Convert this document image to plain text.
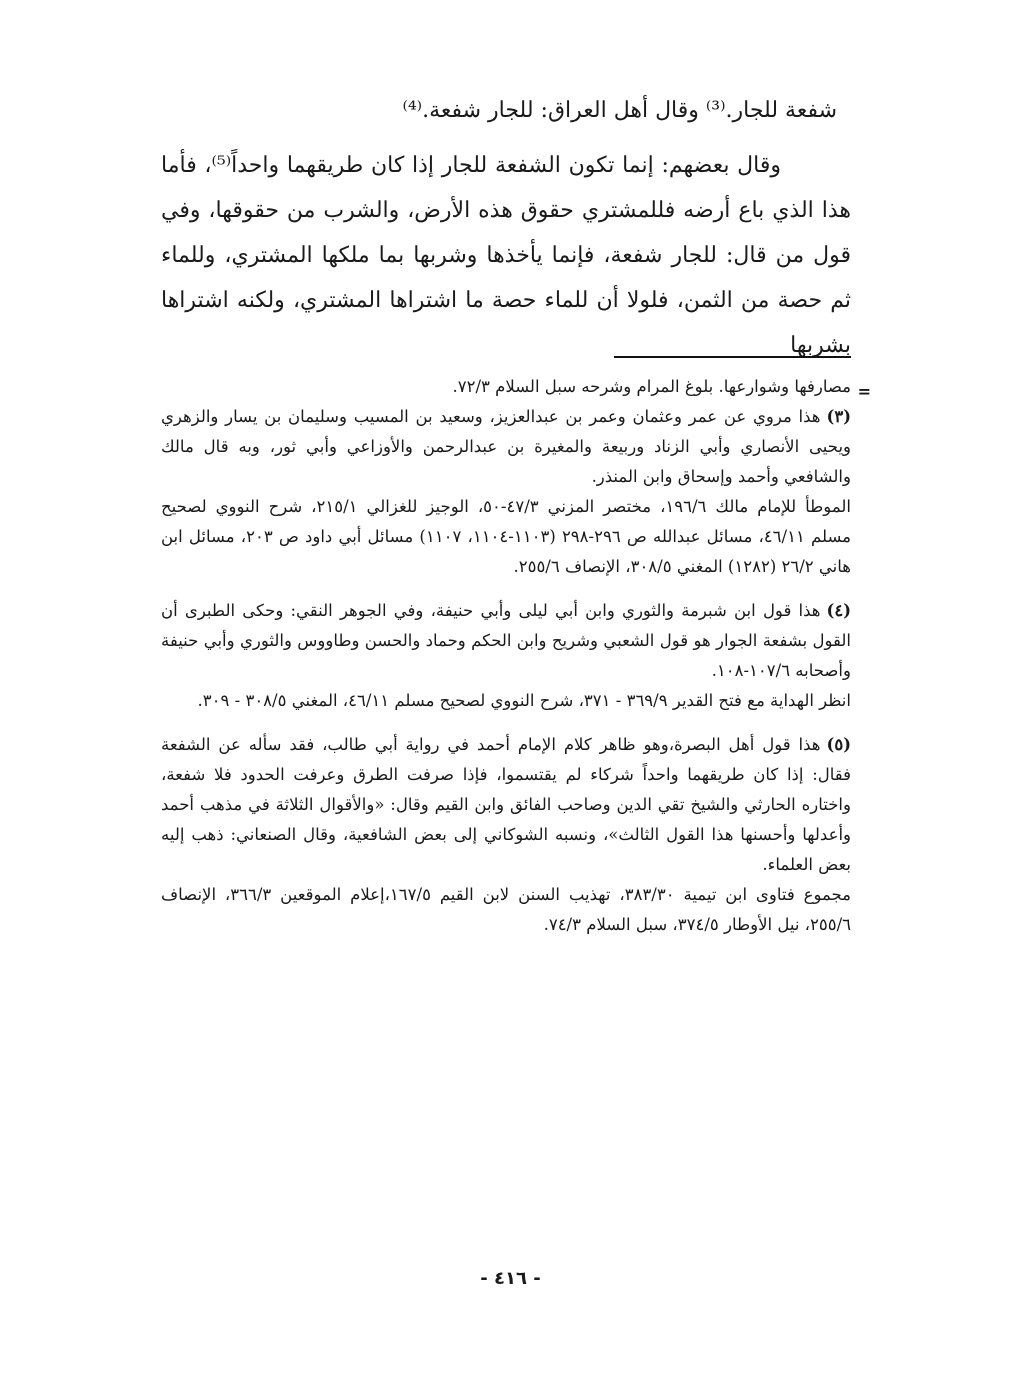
شفعة للجار.⁽³⁾ وقال أهل العراق: للجار شفعة.⁽⁴⁾

وقال بعضهم: إنما تكون الشفعة للجار إذا كان طريقهما واحداً⁽⁵⁾، فأما هذا الذي باع أرضه فللمشتري حقوق هذه الأرض، والشرب من حقوقها، وفي قول من قال: للجار شفعة، فإنما يأخذها وشربها بما ملكها المشتري، وللماء ثم حصة من الثمن، فلولا أن للماء حصة ما اشتراها المشتري، ولكنه اشتراها بشربها

=

مصارفها وشوارعها. بلوغ المرام وشرحه سبل السلام ٧٢/٣.

(٣)هذا مروي عن عمر وعثمان وعمر بن عبدالعزيز، وسعيد بن المسيب وسليمان بن يسار والزهري ويحيى الأنصاري وأبي الزناد وربيعة والمغيرة بن عبدالرحمن والأوزاعي وأبي ثور، وبه قال مالك والشافعي وأحمد وإسحاق وابن المنذر.

الموطأ للإمام مالك ١٩٦/٦، مختصر المزني ٤٧/٣-٥٠، الوجيز للغزالي ٢١٥/١، شرح النووي لصحيح مسلم ٤٦/١١، مسائل عبدالله ص ٢٩٦-٢٩٨ (١١٠٣-١١٠٤، ١١٠٧) مسائل أبي داود ص ٢٠٣، مسائل ابن هاني ٢٦/٢ (١٢٨٢) المغني ٣٠٨/٥، الإنصاف ٢٥٥/٦.

(٤)هذا قول ابن شبرمة والثوري وابن أبي ليلى وأبي حنيفة، وفي الجوهر النقي: وحكى الطبرى أن القول بشفعة الجوار هو قول الشعبي وشريح وابن الحكم وحماد والحسن وطاووس والثوري وأبي حنيفة وأصحابه ١٠٧/٦-١٠٨.

انظر الهداية مع فتح القدير ٣٦٩/٩ - ٣٧١، شرح النووي لصحيح مسلم ٤٦/١١، المغني ٣٠٨/٥ - ٣٠٩.

(٥)هذا قول أهل البصرة،وهو ظاهر كلام الإمام أحمد في رواية أبي طالب، فقد سأله عن الشفعة فقال: إذا كان طريقهما واحداً شركاء لم يقتسموا، فإذا صرفت الطرق وعرفت الحدود فلا شفعة، واختاره الحارثي والشيخ تقي الدين وصاحب الفائق وابن القيم وقال: «والأقوال الثلاثة في مذهب أحمد وأعدلها وأحسنها هذا القول الثالث»، ونسبه الشوكاني إلى بعض الشافعية، وقال الصنعاني: ذهب إليه بعض العلماء.

مجموع فتاوى ابن تيمية ٣٨٣/٣٠، تهذيب السنن لابن القيم ١٦٧/٥،إعلام الموقعين ٣٦٦/٣، الإنصاف ٢٥٥/٦، نيل الأوطار ٣٧٤/٥، سبل السلام ٧٤/٣.

- ٤١٦ -
